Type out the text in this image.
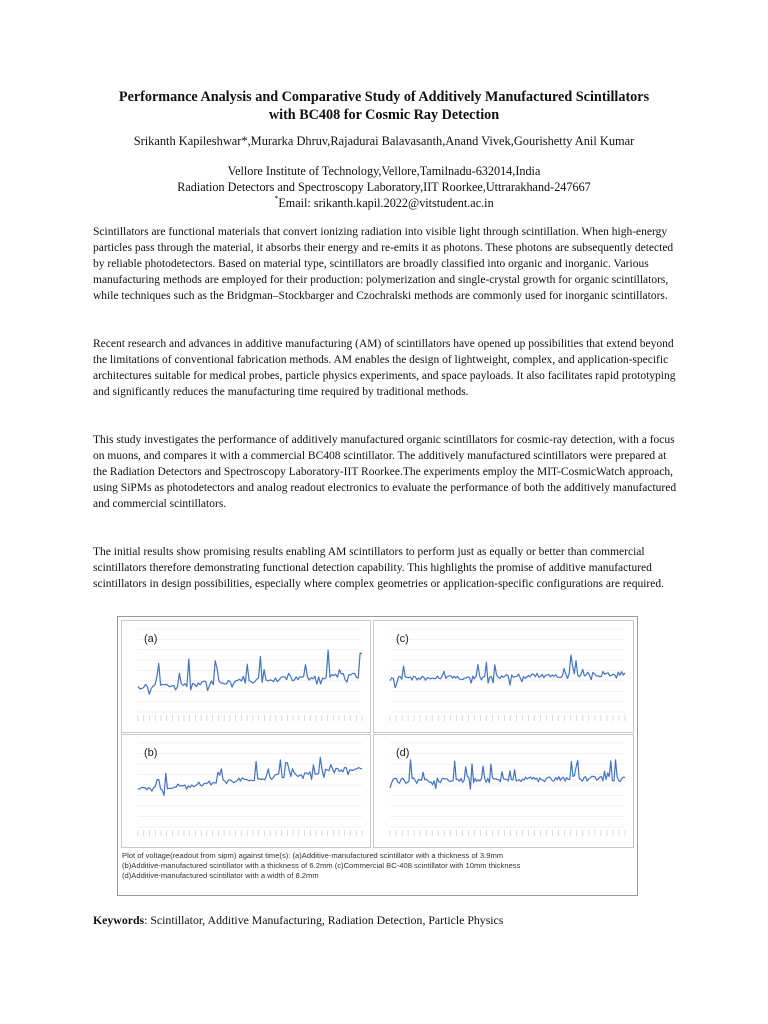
Performance Analysis and Comparative Study of Additively Manufactured Scintillators
with BC408 for Cosmic Ray Detection
Srikanth Kapileshwar*,Murarka Dhruv,Rajadurai Balavasanth,Anand Vivek,Gourishetty Anil Kumar
Vellore Institute of Technology,Vellore,Tamilnadu-632014,India
Radiation Detectors and Spectroscopy Laboratory,IIT Roorkee,Uttrarakhand-247667
*Email: srikanth.kapil.2022@vitstudent.ac.in

Scintillators are functional materials that convert ionizing radiation into visible light through scintillation. When high-energy particles pass through the material, it absorbs their energy and re-emits it as photons. These photons are subsequently detected by reliable photodetectors. Based on material type, scintillators are broadly classified into organic and inorganic. Various manufacturing methods are employed for their production: polymerization and single-crystal growth for organic scintillators, while techniques such as the Bridgman–Stockbarger and Czochralski methods are commonly used for inorganic scintillators.

Recent research and advances in additive manufacturing (AM) of scintillators have opened up possibilities that extend beyond the limitations of conventional fabrication methods. AM enables the design of lightweight, complex, and application-specific architectures suitable for medical probes, particle physics experiments, and space payloads. It also facilitates rapid prototyping and significantly reduces the manufacturing time required by traditional methods.

This study investigates the performance of additively manufactured organic scintillators for cosmic-ray detection, with a focus on muons, and compares it with a commercial BC408 scintillator. The additively manufactured scintillators were prepared at the Radiation Detectors and Spectroscopy Laboratory-IIT Roorkee.The experiments employ the MIT-CosmicWatch approach, using SiPMs as photodetectors and analog readout electronics to evaluate the performance of both the additively manufactured and commercial scintillators.

The initial results show promising results enabling AM scintillators to perform just as equally or better than commercial scintillators therefore demonstrating functional detection capability. This highlights the promise of additive manufactured scintillators in design possibilities, especially where complex geometries or application-specific configurations are required.

(a)	(c)
(b)	(d)
Plot of voltage(readout from sipm) against time(s): (a)Additive-manufactured scintillator with a thickness of 3.9mm
(b)Additive-manufactured scintillator with a thickness of 6.2mm (c)Commercial BC-408 scintillator with 10mm thickness
(d)Additive-manufactured scintillator with a width of 8.2mm
Keywords: Scintillator, Additive Manufacturing, Radiation Detection, Particle Physics
